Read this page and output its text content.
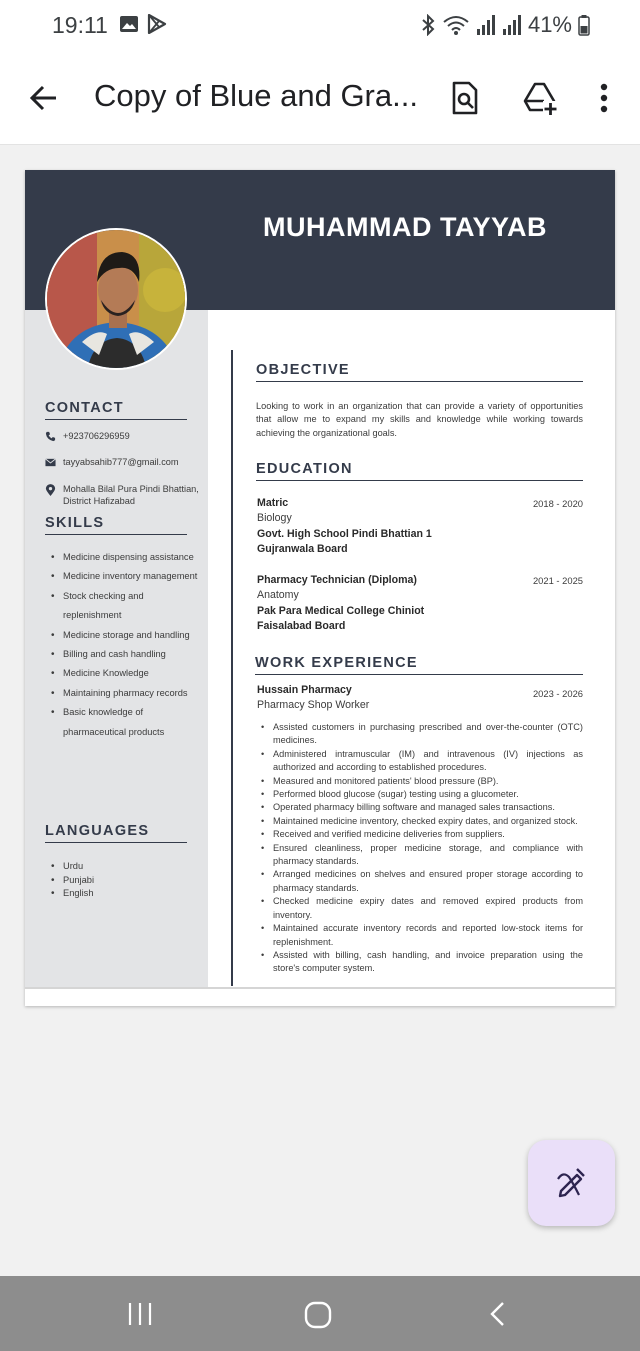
19:11	41%
Copy of Blue and Gra...
MUHAMMAD TAYYAB
CONTACT
+923706296959
tayyabsahib777@gmail.com
Mohalla Bilal Pura Pindi Bhattian, District Hafizabad
SKILLS
• Medicine dispensing assistance
• Medicine inventory management
• Stock checking and replenishment
• Medicine storage and handling
• Billing and cash handling
• Medicine Knowledge
• Maintaining pharmacy records
• Basic knowledge of pharmaceutical products
LANGUAGES
• Urdu
• Punjabi
• English
OBJECTIVE
Looking to work in an organization that can provide a variety of opportunities that allow me to expand my skills and knowledge while working towards achieving the organizational goals.
EDUCATION
Matric	2018 - 2020
Biology
Govt. High School Pindi Bhattian 1
Gujranwala Board
Pharmacy Technician (Diploma)	2021 - 2025
Anatomy
Pak Para Medical College Chiniot
Faisalabad Board
WORK EXPERIENCE
Hussain Pharmacy	2023 - 2026
Pharmacy Shop Worker
• Assisted customers in purchasing prescribed and over-the-counter (OTC) medicines.
• Administered intramuscular (IM) and intravenous (IV) injections as authorized and according to established procedures.
• Measured and monitored patients' blood pressure (BP).
• Performed blood glucose (sugar) testing using a glucometer.
• Operated pharmacy billing software and managed sales transactions.
• Maintained medicine inventory, checked expiry dates, and organized stock.
• Received and verified medicine deliveries from suppliers.
• Ensured cleanliness, proper medicine storage, and compliance with pharmacy standards.
• Arranged medicines on shelves and ensured proper storage according to pharmacy standards.
• Checked medicine expiry dates and removed expired products from inventory.
• Maintained accurate inventory records and reported low-stock items for replenishment.
• Assisted with billing, cash handling, and invoice preparation using the store's computer system.
